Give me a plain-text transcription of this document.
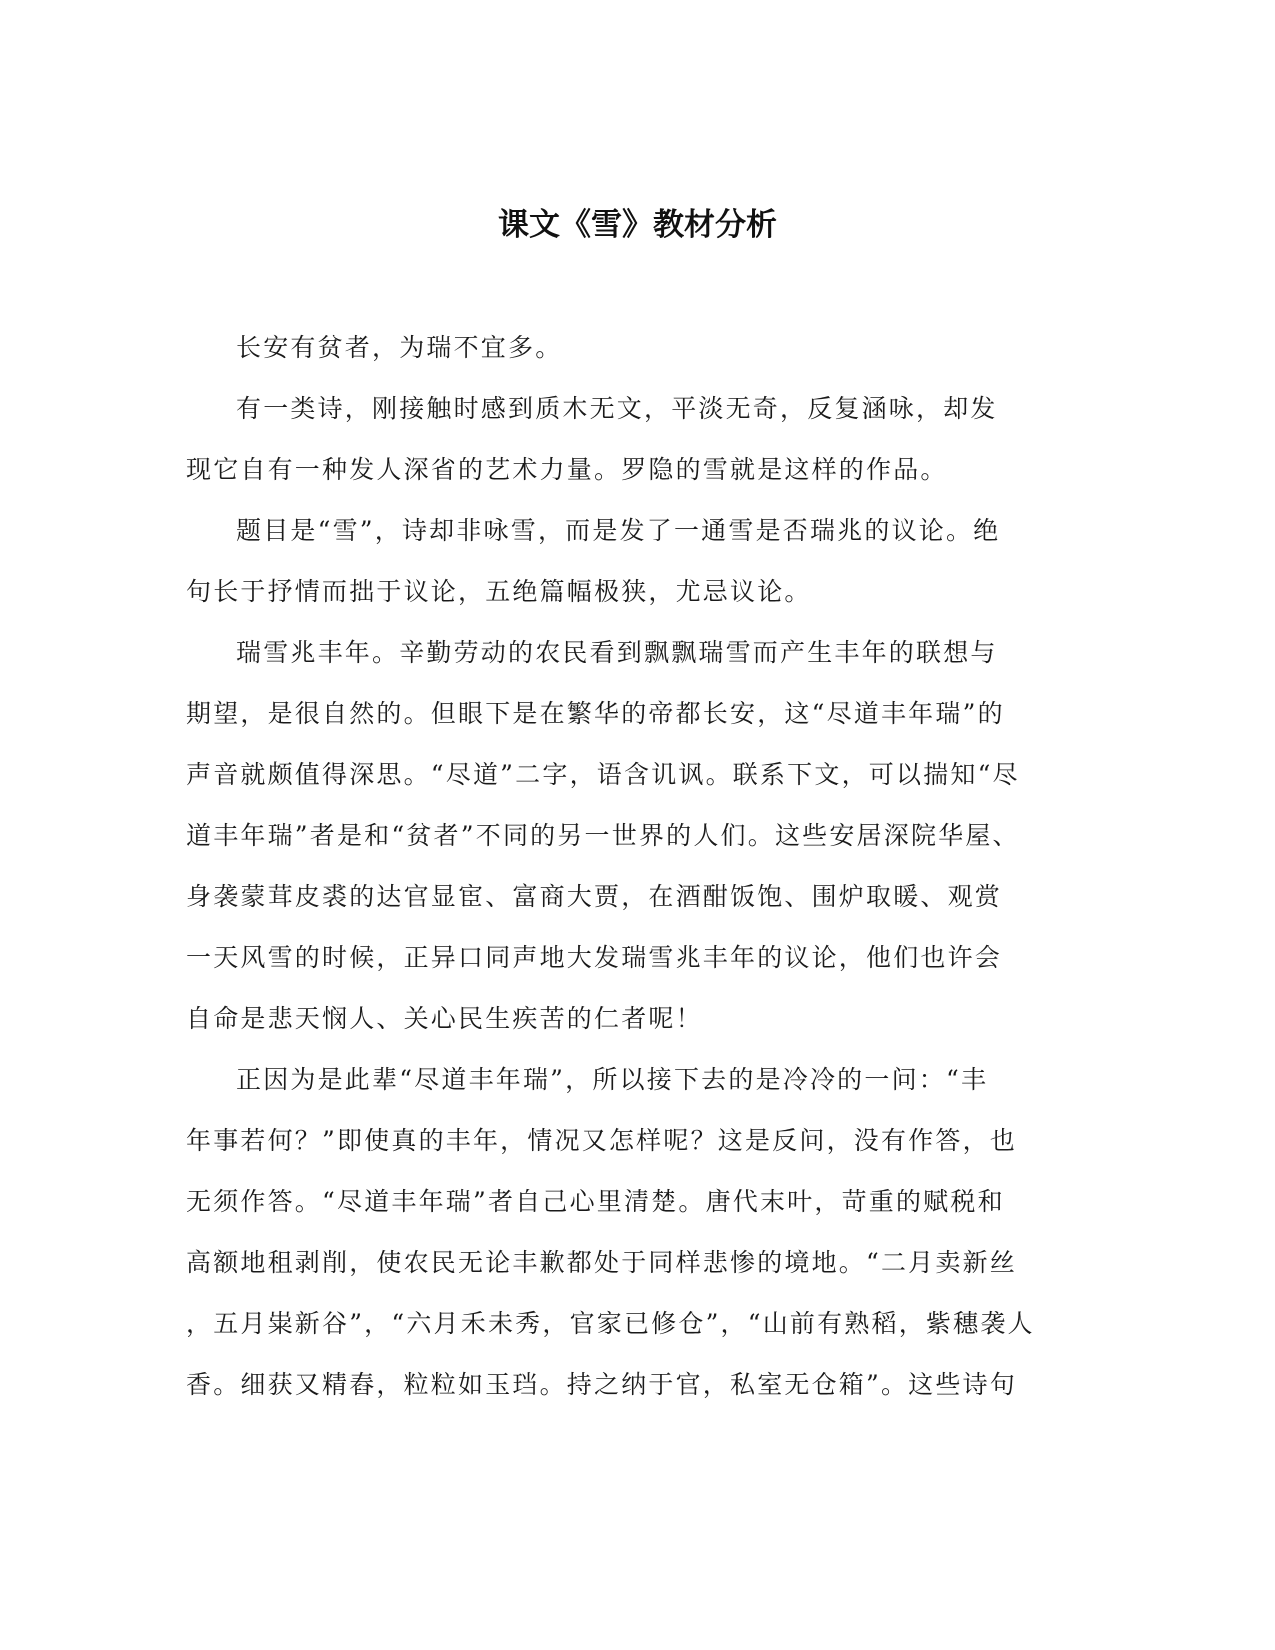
课文《雪》教材分析

长安有贫者，为瑞不宜多。

有一类诗，刚接触时感到质木无文，平淡无奇，反复涵咏，却发
现它自有一种发人深省的艺术力量。罗隐的雪就是这样的作品。

题目是“雪”，诗却非咏雪，而是发了一通雪是否瑞兆的议论。绝
句长于抒情而拙于议论，五绝篇幅极狭，尤忌议论。

瑞雪兆丰年。辛勤劳动的农民看到飘飘瑞雪而产生丰年的联想与
期望，是很自然的。但眼下是在繁华的帝都长安，这“尽道丰年瑞”的
声音就颇值得深思。“尽道”二字，语含讥讽。联系下文，可以揣知“尽
道丰年瑞”者是和“贫者”不同的另一世界的人们。这些安居深院华屋、
身袭蒙茸皮裘的达官显宦、富商大贾，在酒酣饭饱、围炉取暖、观赏
一天风雪的时候，正异口同声地大发瑞雪兆丰年的议论，他们也许会
自命是悲天悯人、关心民生疾苦的仁者呢！

正因为是此辈“尽道丰年瑞”，所以接下去的是冷冷的一问：“丰
年事若何？”即使真的丰年，情况又怎样呢？这是反问，没有作答，也
无须作答。“尽道丰年瑞”者自己心里清楚。唐代末叶，苛重的赋税和
高额地租剥削，使农民无论丰歉都处于同样悲惨的境地。“二月卖新丝
，五月粜新谷”，“六月禾未秀，官家已修仓”，“山前有熟稻，紫穗袭人
香。细获又精舂，粒粒如玉珰。持之纳于官，私室无仓箱”。这些诗句
